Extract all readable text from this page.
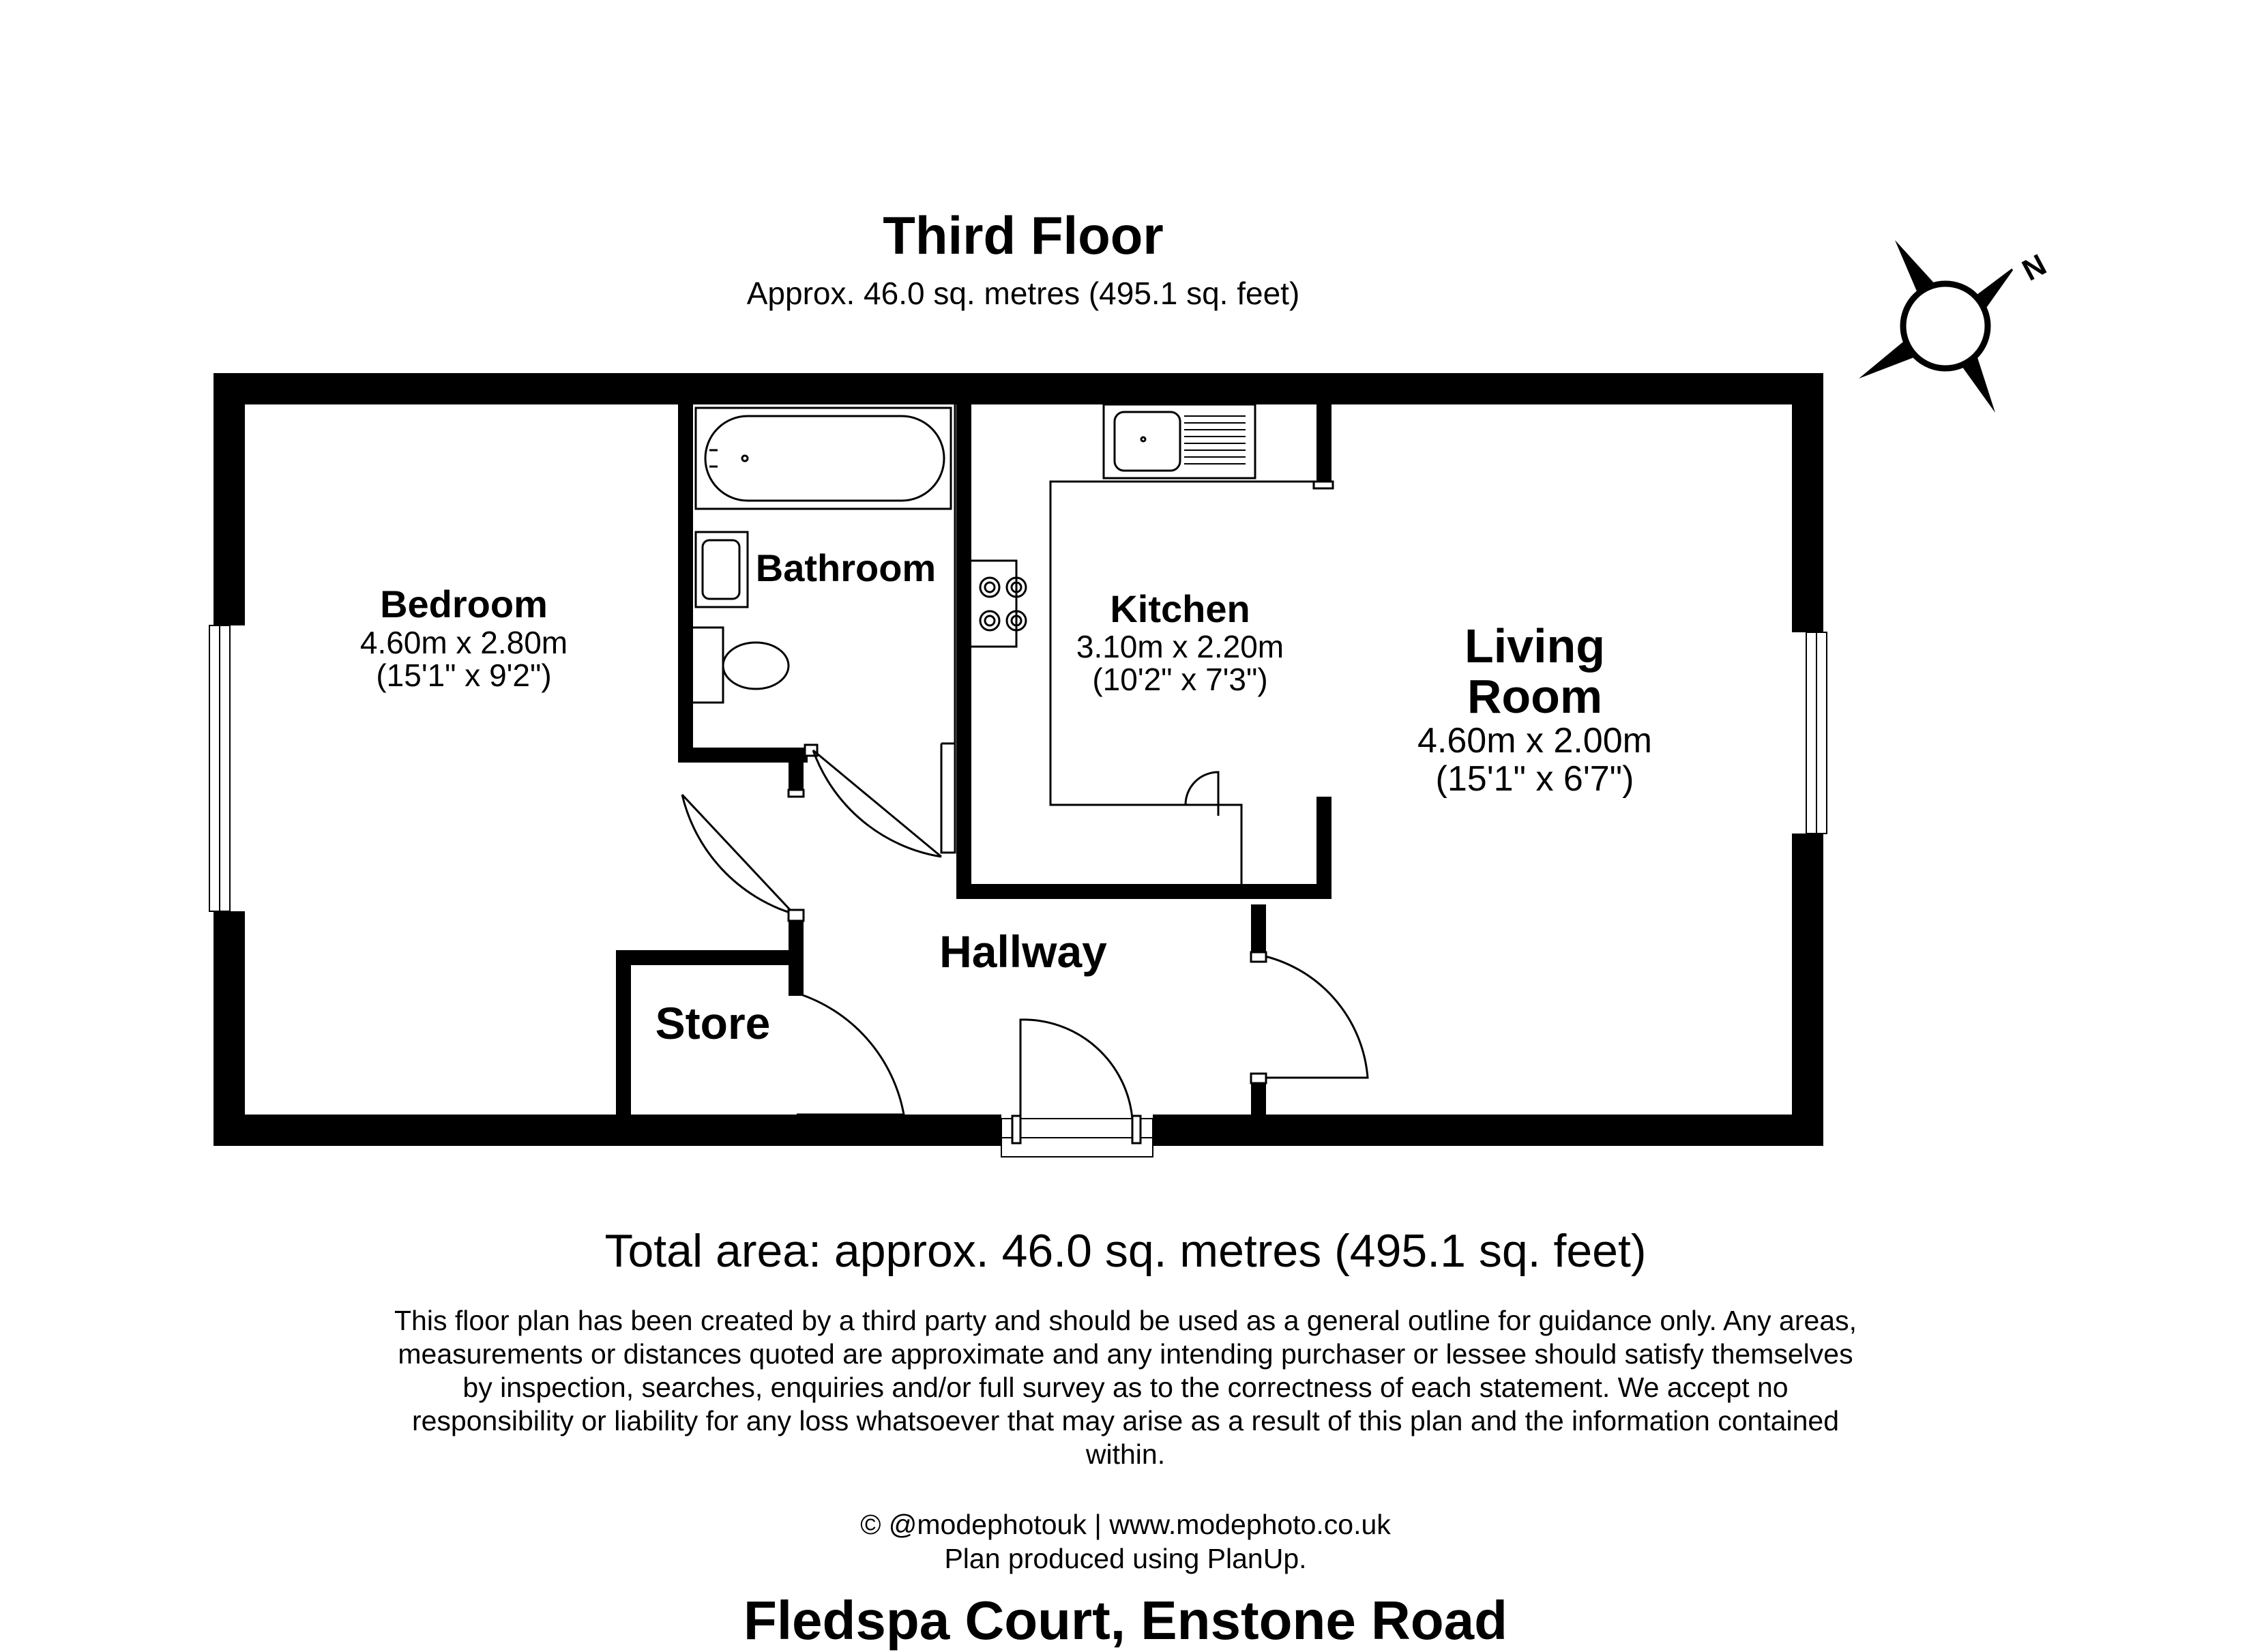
N
Third Floor
Approx. 46.0 sq. metres (495.1 sq. feet)
Bedroom
4.60m x 2.80m
(15'1" x 9'2")
Bathroom
Kitchen
3.10m x 2.20m
(10'2" x 7'3")
Living
Room
4.60m x 2.00m
(15'1" x 6'7")
Hallway
Store
Total area: approx. 46.0 sq. metres (495.1 sq. feet)
This floor plan has been created by a third party and should be used as a general outline for guidance only. Any areas, measurements or distances quoted are approximate and any intending purchaser or lessee should satisfy themselves by inspection, searches, enquiries and/or full survey as to the correctness of each statement. We accept no responsibility or liability for any loss whatsoever that may arise as a result of this plan and the information contained within.
© @modephotouk | www.modephoto.co.uk
Plan produced using PlanUp.
Fledspa Court, Enstone Road
